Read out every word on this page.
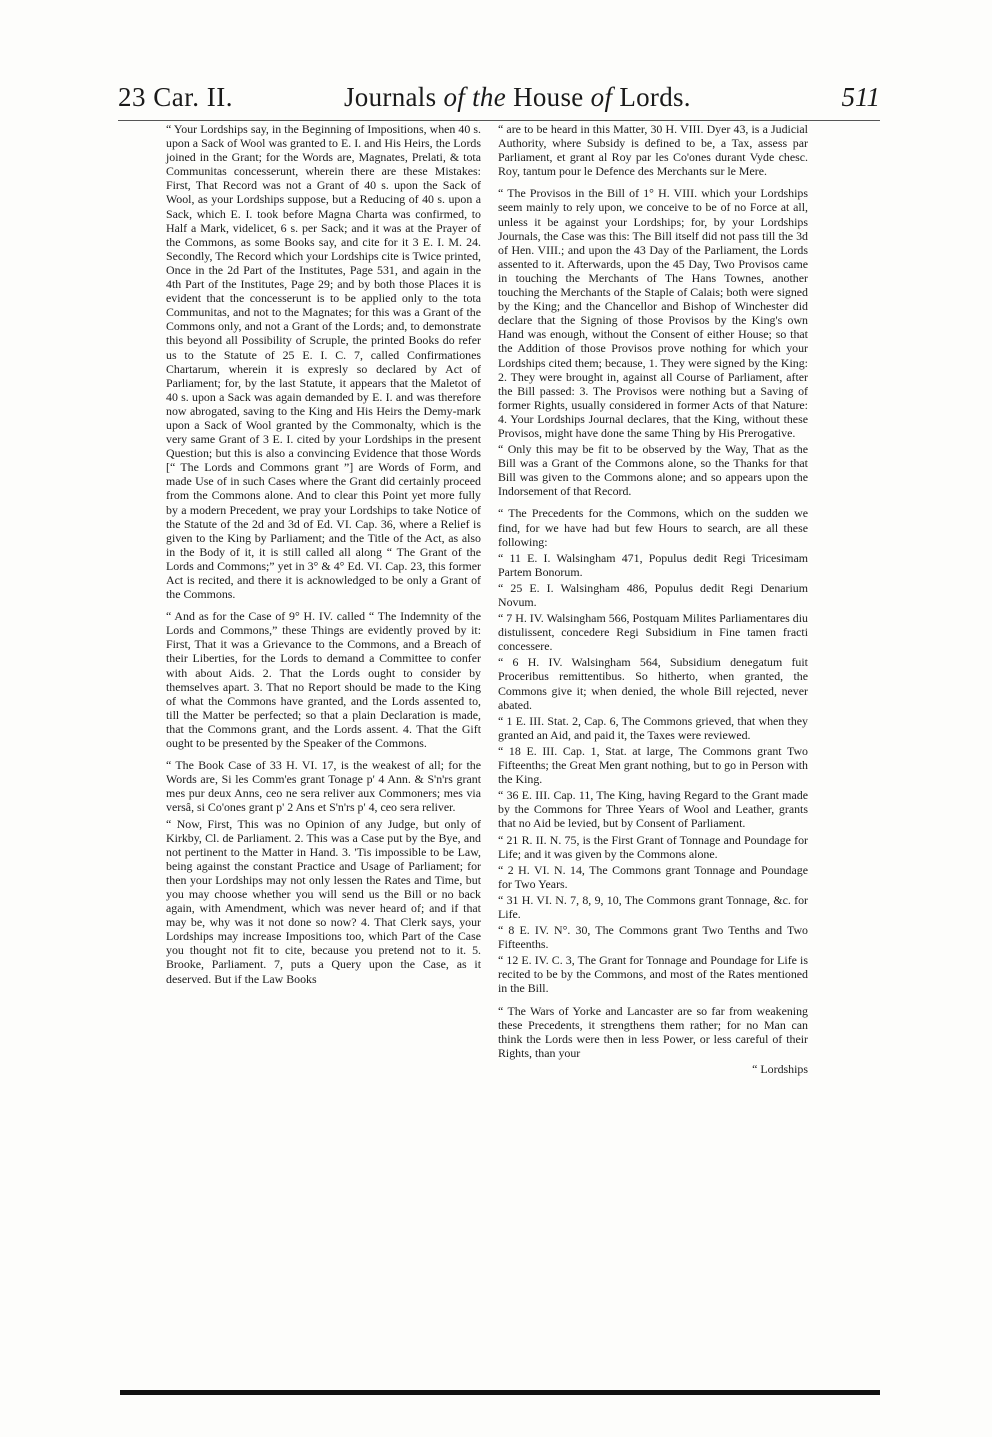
23 Car. II.	Journals of the House of Lords.	511

“ Your Lordships say, in the Beginning of Impositions, when 40 s. upon a Sack of Wool was granted to E. I. and His Heirs, the Lords joined in the Grant; for the Words are, Magnates, Prelati, & tota Communitas concesserunt, wherein there are these Mistakes: First, That Record was not a Grant of 40 s. upon the Sack of Wool, as your Lordships suppose, but a Reducing of 40 s. upon a Sack, which E. I. took before Magna Charta was confirmed, to Half a Mark, videlicet, 6 s. per Sack; and it was at the Prayer of the Commons, as some Books say, and cite for it 3 E. I. M. 24. Secondly, The Record which your Lordships cite is Twice printed, Once in the 2d Part of the Institutes, Page 531, and again in the 4th Part of the Institutes, Page 29; and by both those Places it is evident that the concesserunt is to be applied only to the tota Communitas, and not to the Magnates; for this was a Grant of the Commons only, and not a Grant of the Lords; and, to demonstrate this beyond all Possibility of Scruple, the printed Books do refer us to the Statute of 25 E. I. C. 7, called Confirmationes Chartarum, wherein it is expresly so declared by Act of Parliament; for, by the last Statute, it appears that the Maletot of 40 s. upon a Sack was again demanded by E. I. and was therefore now abrogated, saving to the King and His Heirs the Demy-mark upon a Sack of Wool granted by the Commonalty, which is the very same Grant of 3 E. I. cited by your Lordships in the present Question; but this is also a convincing Evidence that those Words [“ The Lords and Commons grant ”] are Words of Form, and made Use of in such Cases where the Grant did certainly proceed from the Commons alone. And to clear this Point yet more fully by a modern Precedent, we pray your Lordships to take Notice of the Statute of the 2d and 3d of Ed. VI. Cap. 36, where a Relief is given to the King by Parliament; and the Title of the Act, as also in the Body of it, it is still called all along “ The Grant of the Lords and Commons;” yet in 3° & 4° Ed. VI. Cap. 23, this former Act is recited, and there it is acknowledged to be only a Grant of the Commons.

“ And as for the Case of 9° H. IV. called “ The Indemnity of the Lords and Commons,” these Things are evidently proved by it: First, That it was a Grievance to the Commons, and a Breach of their Liberties, for the Lords to demand a Committee to confer with about Aids. 2. That the Lords ought to consider by themselves apart. 3. That no Report should be made to the King of what the Commons have granted, and the Lords assented to, till the Matter be perfected; so that a plain Declaration is made, that the Commons grant, and the Lords assent. 4. That the Gift ought to be presented by the Speaker of the Commons.

“ The Book Case of 33 H. VI. 17, is the weakest of all; for the Words are, Si les Comm'es grant Tonage p' 4 Ann. & S'n'rs grant mes pur deux Anns, ceo ne sera reliver aux Commoners; mes via versâ, si Co'ones grant p' 2 Ans et S'n'rs p' 4, ceo sera reliver.

“ Now, First, This was no Opinion of any Judge, but only of Kirkby, Cl. de Parliament. 2. This was a Case put by the Bye, and not pertinent to the Matter in Hand. 3. 'Tis impossible to be Law, being against the constant Practice and Usage of Parliament; for then your Lordships may not only lessen the Rates and Time, but you may choose whether you will send us the Bill or no back again, with Amendment, which was never heard of; and if that may be, why was it not done so now? 4. That Clerk says, your Lordships may increase Impositions too, which Part of the Case you thought not fit to cite, because you pretend not to it. 5. Brooke, Parliament. 7, puts a Query upon the Case, as it deserved. But if the Law Books

“ are to be heard in this Matter, 30 H. VIII. Dyer 43, is a Judicial Authority, where Subsidy is defined to be, a Tax, assess par Parliament, et grant al Roy par les Co'ones durant Vyde chesc. Roy, tantum pour le Defence des Merchants sur le Mere.

“ The Provisos in the Bill of 1° H. VIII. which your Lordships seem mainly to rely upon, we conceive to be of no Force at all, unless it be against your Lordships; for, by your Lordships Journals, the Case was this: The Bill itself did not pass till the 3d of Hen. VIII.; and upon the 43 Day of the Parliament, the Lords assented to it. Afterwards, upon the 45 Day, Two Provisos came in touching the Merchants of The Hans Townes, another touching the Merchants of the Staple of Calais; both were signed by the King; and the Chancellor and Bishop of Winchester did declare that the Signing of those Provisos by the King's own Hand was enough, without the Consent of either House; so that the Addition of those Provisos prove nothing for which your Lordships cited them; because, 1. They were signed by the King: 2. They were brought in, against all Course of Parliament, after the Bill passed: 3. The Provisos were nothing but a Saving of former Rights, usually considered in former Acts of that Nature: 4. Your Lordships Journal declares, that the King, without these Provisos, might have done the same Thing by His Prerogative.

“ Only this may be fit to be observed by the Way, That as the Bill was a Grant of the Commons alone, so the Thanks for that Bill was given to the Commons alone; and so appears upon the Indorsement of that Record.

“ The Precedents for the Commons, which on the sudden we find, for we have had but few Hours to search, are all these following:

“ 11 E. I. Walsingham 471, Populus dedit Regi Tricesimam Partem Bonorum.

“ 25 E. I. Walsingham 486, Populus dedit Regi Denarium Novum.

“ 7 H. IV. Walsingham 566, Postquam Milites Parliamentares diu distulissent, concedere Regi Subsidium in Fine tamen fracti concessere.

“ 6 H. IV. Walsingham 564, Subsidium denegatum fuit Proceribus remittentibus. So hitherto, when granted, the Commons give it; when denied, the whole Bill rejected, never abated.

“ 1 E. III. Stat. 2, Cap. 6, The Commons grieved, that when they granted an Aid, and paid it, the Taxes were reviewed.

“ 18 E. III. Cap. 1, Stat. at large, The Commons grant Two Fifteenths; the Great Men grant nothing, but to go in Person with the King.

“ 36 E. III. Cap. 11, The King, having Regard to the Grant made by the Commons for Three Years of Wool and Leather, grants that no Aid be levied, but by Consent of Parliament.

“ 21 R. II. N. 75, is the First Grant of Tonnage and Poundage for Life; and it was given by the Commons alone.

“ 2 H. VI. N. 14, The Commons grant Tonnage and Poundage for Two Years.

“ 31 H. VI. N. 7, 8, 9, 10, The Commons grant Tonnage, &c. for Life.

“ 8 E. IV. N°. 30, The Commons grant Two Tenths and Two Fifteenths.

“ 12 E. IV. C. 3, The Grant for Tonnage and Poundage for Life is recited to be by the Commons, and most of the Rates mentioned in the Bill.

“ The Wars of Yorke and Lancaster are so far from weakening these Precedents, it strengthens them rather; for no Man can think the Lords were then in less Power, or less careful of their Rights, than your

“ Lordships
